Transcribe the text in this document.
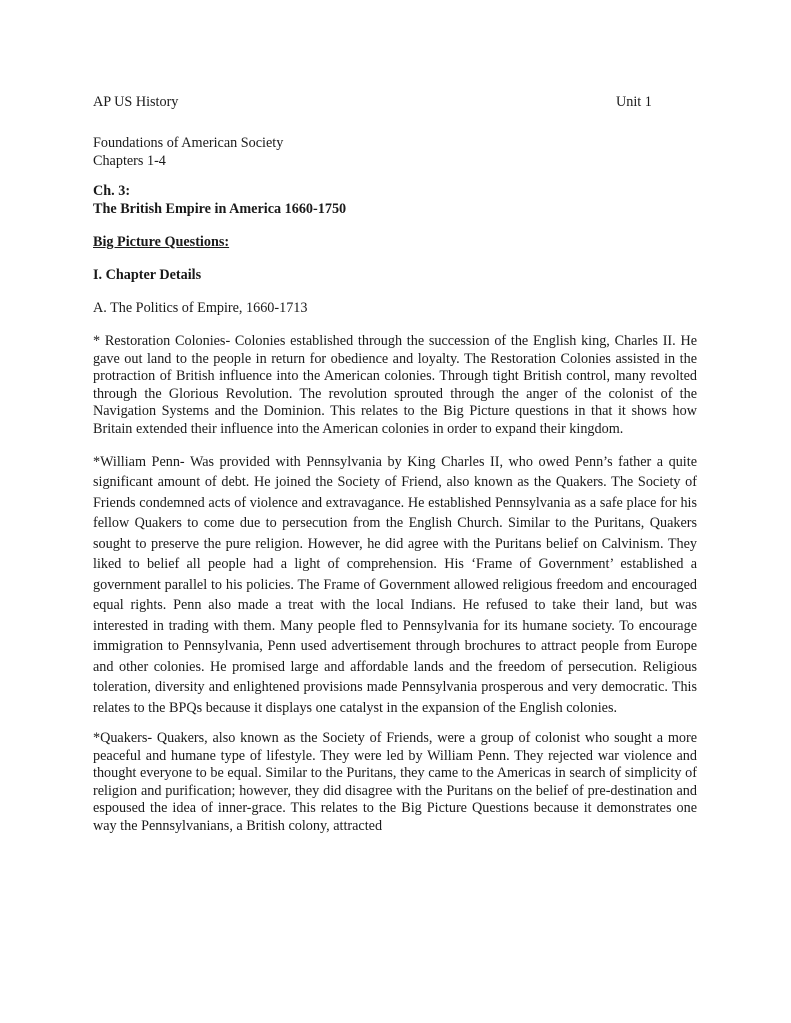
AP US History	Unit 1

Foundations of American Society

Chapters 1-4

Ch. 3:

The British Empire in America 1660-1750

Big Picture Questions:

I. Chapter Details

A. The Politics of Empire, 1660-1713

* Restoration Colonies- Colonies established through the succession of the English king, Charles II. He gave out land to the people in return for obedience and loyalty. The Restoration Colonies assisted in the protraction of British influence into the American colonies. Through tight British control, many revolted through the Glorious Revolution. The revolution sprouted through the anger of the colonist of the Navigation Systems and the Dominion. This relates to the Big Picture questions in that it shows how Britain extended their influence into the American colonies in order to expand their kingdom.

*William Penn- Was provided with Pennsylvania by King Charles II, who owed Penn’s father a quite significant amount of debt. He joined the Society of Friend, also known as the Quakers. The Society of Friends condemned acts of violence and extravagance. He established Pennsylvania as a safe place for his fellow Quakers to come due to persecution from the English Church. Similar to the Puritans, Quakers sought to preserve the pure religion. However, he did agree with the Puritans belief on Calvinism. They liked to belief all people had a light of comprehension. His ‘Frame of Government’ established a government parallel to his policies. The Frame of Government allowed religious freedom and encouraged equal rights. Penn also made a treat with the local Indians. He refused to take their land, but was interested in trading with them. Many people fled to Pennsylvania for its humane society. To encourage immigration to Pennsylvania, Penn used advertisement through brochures to attract people from Europe and other colonies. He promised large and affordable lands and the freedom of persecution. Religious toleration, diversity and enlightened provisions made Pennsylvania prosperous and very democratic. This relates to the BPQs because it displays one catalyst in the expansion of the English colonies.

*Quakers- Quakers, also known as the Society of Friends, were a group of colonist who sought a more peaceful and humane type of lifestyle. They were led by William Penn. They rejected war violence and thought everyone to be equal. Similar to the Puritans, they came to the Americas in search of simplicity of religion and purification; however, they did disagree with the Puritans on the belief of pre-destination and espoused the idea of inner-grace. This relates to the Big Picture Questions because it demonstrates one way the Pennsylvanians, a British colony, attracted
